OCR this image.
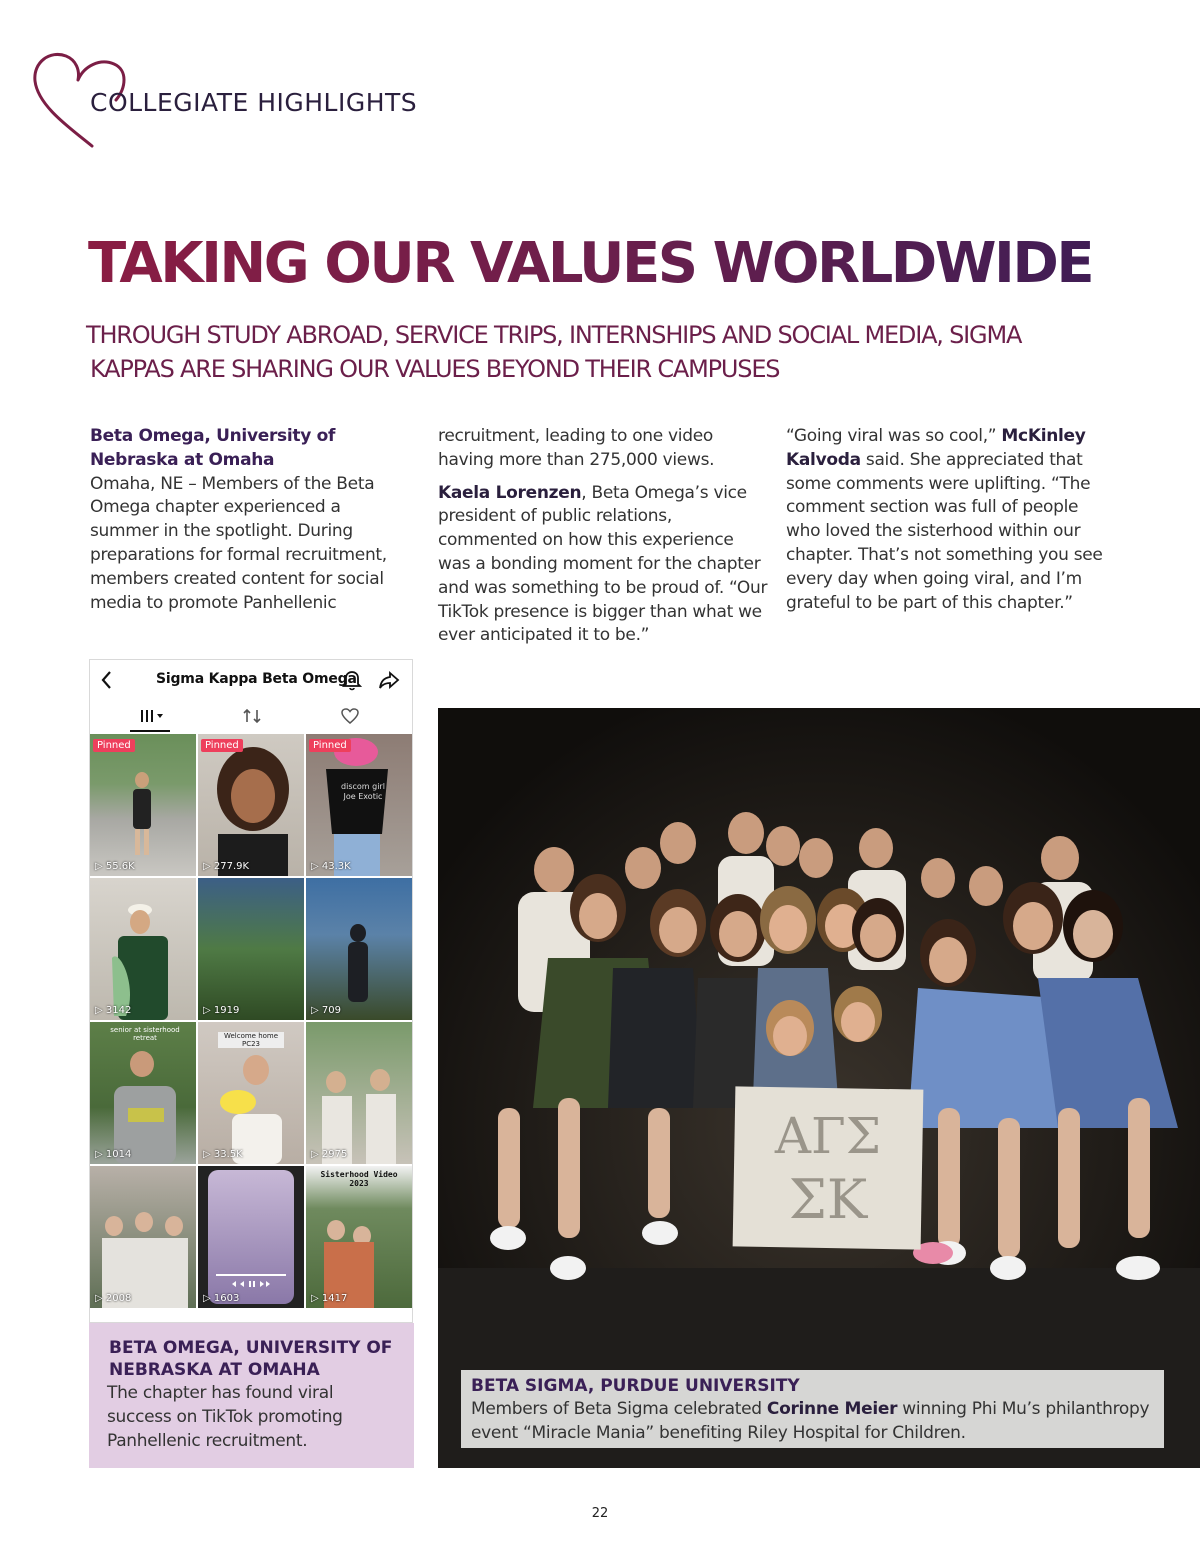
COLLEGIATE HIGHLIGHTS
TAKING OUR VALUES WORLDWIDE
THROUGH STUDY ABROAD, SERVICE TRIPS, INTERNSHIPS AND SOCIAL MEDIA, SIGMA
KAPPAS ARE SHARING OUR VALUES BEYOND THEIR CAMPUSES
Beta Omega, University of
Nebraska at Omaha
Omaha, NE – Members of the Beta
Omega chapter experienced a
summer in the spotlight. During
preparations for formal recruitment,
members created content for social
media to promote Panhellenic

recruitment, leading to one video
having more than 275,000 views.

Kaela Lorenzen, Beta Omega’s vice president of public relations, commented on how this experience was a bonding moment for the chapter and was something to be proud of. “Our TikTok presence is bigger than what we ever anticipated it to be.”

“Going viral was so cool,” McKinley Kalvoda said. She appreciated that some comments were uplifting. “The comment section was full of people who loved the sisterhood within our chapter. That’s not something you see every day when going viral, and I’m grateful to be part of this chapter.”

Sigma Kappa Beta Omega
Pinned
▷ 55.6K
Pinned
▷ 277.9K
discom girl Joe Exotic
Pinned
▷ 43.3K
▷ 3142	▷ 1919	▷ 709
senior at sisterhood retreat
▷ 1014
Welcome home PC23
▷ 33.5K	▷ 2975
▷ 2008	▷ 1603
Sisterhood Video 2023
▷ 1417
BETA OMEGA, UNIVERSITY OF
NEBRASKA AT OMAHA
The chapter has found viral success on TikTok promoting Panhellenic recruitment.
ΑΓΣ
ΣΚ
BETA SIGMA, PURDUE UNIVERSITY
Members of Beta Sigma celebrated Corinne Meier winning Phi Mu’s philanthropy event “Miracle Mania” benefiting Riley Hospital for Children.
22
